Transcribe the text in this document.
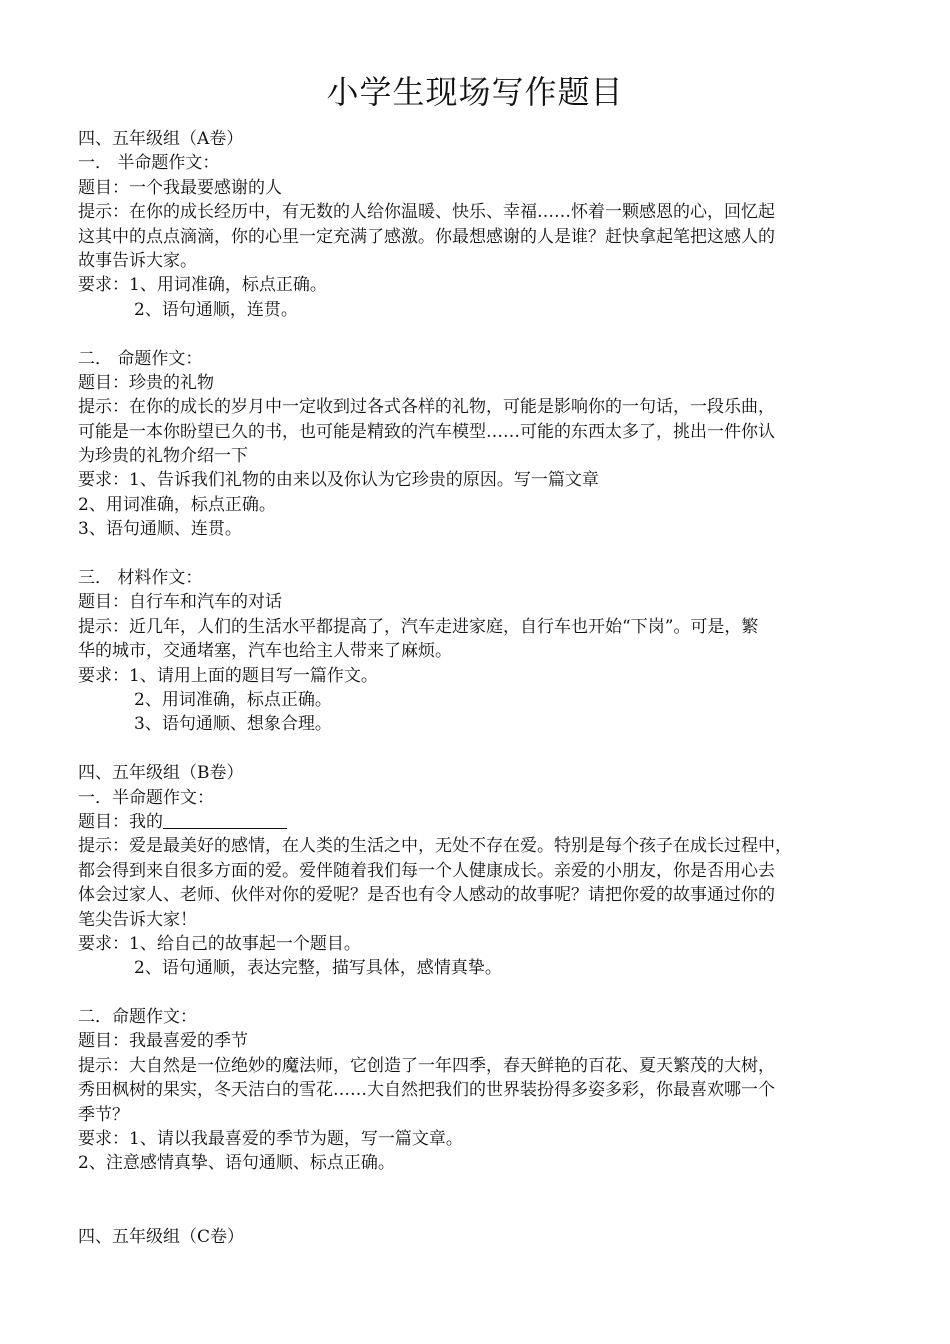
小学生现场写作题目
四、五年级组（A卷）
一． 半命题作文：
题目：一个我最要感谢的人
提示：在你的成长经历中，有无数的人给你温暖、快乐、幸福……怀着一颗感恩的心，回忆起
这其中的点点滴滴，你的心里一定充满了感激。你最想感谢的人是谁？赶快拿起笔把这感人的
故事告诉大家。
要求：1、用词准确，标点正确。
2、语句通顺，连贯。
二． 命题作文：
题目：珍贵的礼物
提示：在你的成长的岁月中一定收到过各式各样的礼物，可能是影响你的一句话，一段乐曲，
可能是一本你盼望已久的书，也可能是精致的汽车模型……可能的东西太多了，挑出一件你认
为珍贵的礼物介绍一下
要求：1、告诉我们礼物的由来以及你认为它珍贵的原因。写一篇文章
2、用词准确，标点正确。
3、语句通顺、连贯。
三． 材料作文：
题目：自行车和汽车的对话
提示：近几年，人们的生活水平都提高了，汽车走进家庭，自行车也开始“下岗”。可是，繁
华的城市，交通堵塞，汽车也给主人带来了麻烦。
要求：1、请用上面的题目写一篇作文。
2、用词准确，标点正确。
3、语句通顺、想象合理。
四、五年级组（B卷）
一．半命题作文：
题目：我的
提示：爱是最美好的感情，在人类的生活之中，无处不存在爱。特别是每个孩子在成长过程中，
都会得到来自很多方面的爱。爱伴随着我们每一个人健康成长。亲爱的小朋友，你是否用心去
体会过家人、老师、伙伴对你的爱呢？是否也有令人感动的故事呢？请把你爱的故事通过你的
笔尖告诉大家！
要求：1、给自己的故事起一个题目。
2、语句通顺，表达完整，描写具体，感情真挚。
二．命题作文：
题目：我最喜爱的季节
提示：大自然是一位绝妙的魔法师，它创造了一年四季，春天鲜艳的百花、夏天繁茂的大树，
秀田枫树的果实，冬天洁白的雪花……大自然把我们的世界装扮得多姿多彩，你最喜欢哪一个
季节？
要求：1、请以我最喜爱的季节为题，写一篇文章。
2、注意感情真挚、语句通顺、标点正确。
四、五年级组（C卷）
